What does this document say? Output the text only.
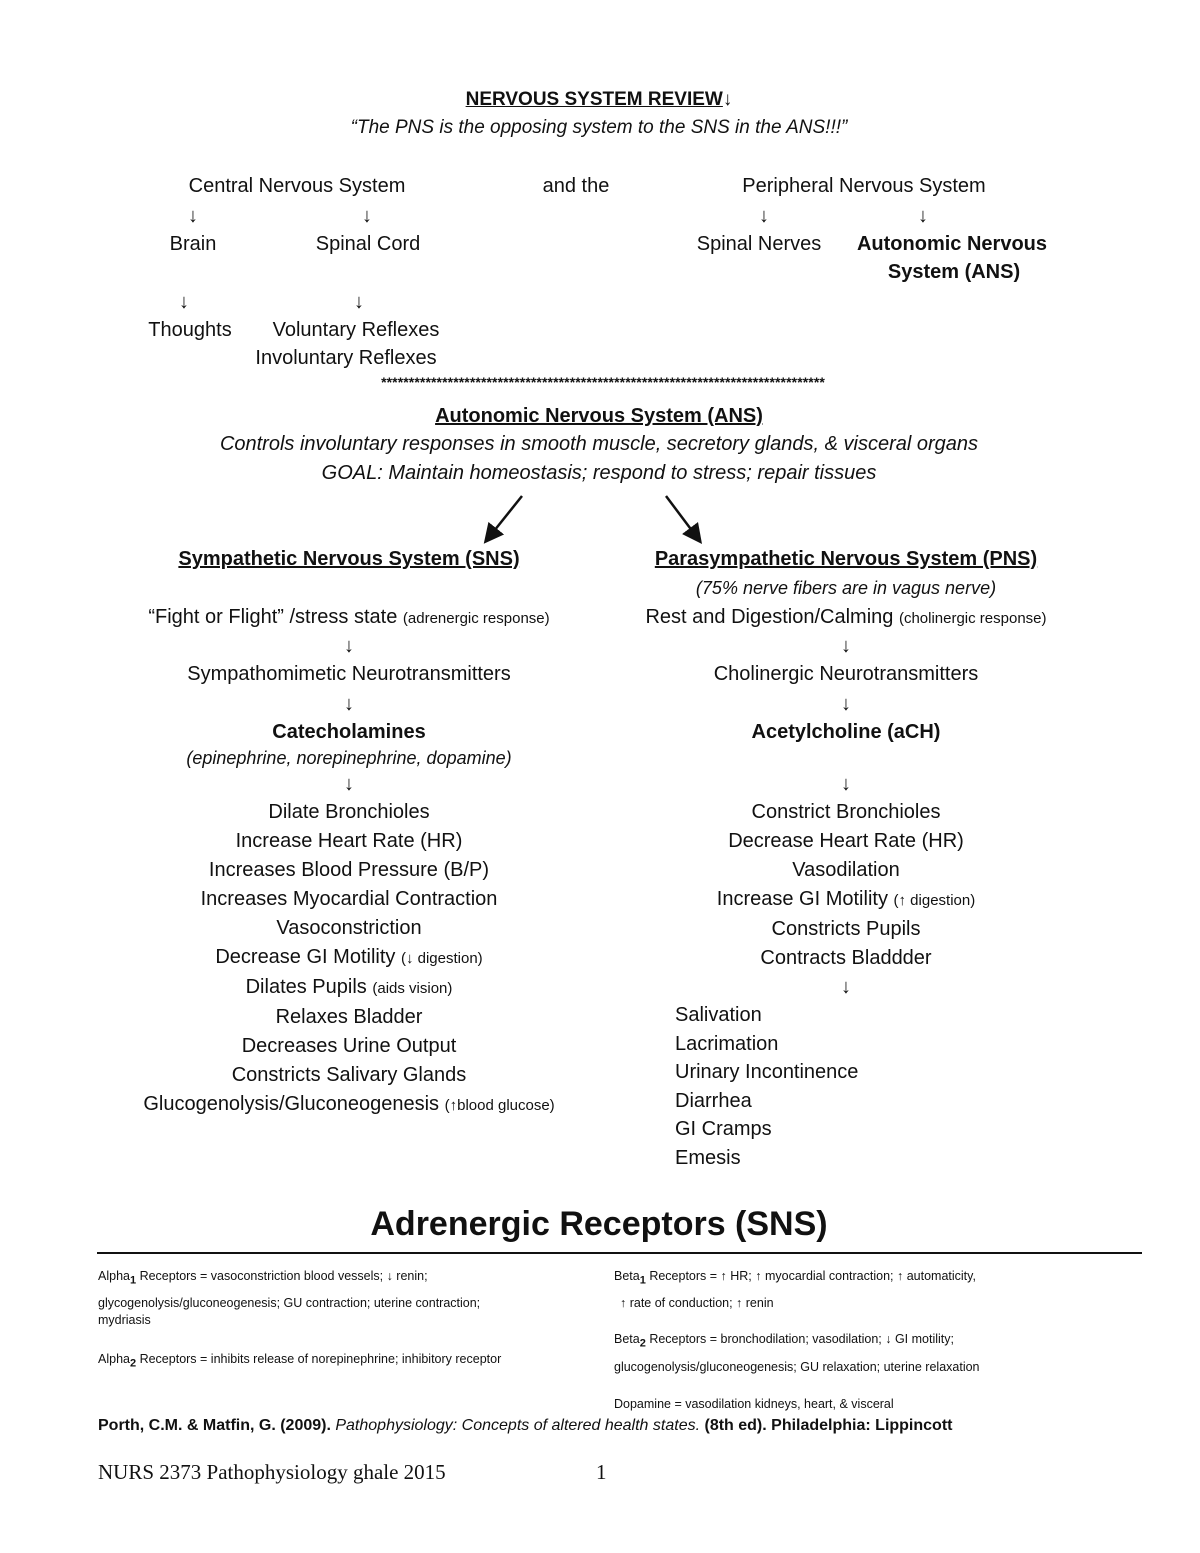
NERVOUS SYSTEM REVIEW↓
“The PNS is the opposing system to the SNS in the ANS!!!”
Central Nervous System	and the	Peripheral Nervous System
↓	↓	↓	↓
Brain	Spinal Cord	Spinal Nerves Autonomic Nervous
System (ANS)
↓	↓
Thoughts Voluntary Reflexes
Involuntary Reflexes
********************************************************************************
Autonomic Nervous System (ANS)
Controls involuntary responses in smooth muscle, secretory glands, & visceral organs
GOAL: Maintain homeostasis; respond to stress; repair tissues
Sympathetic Nervous System (SNS)
“Fight or Flight” /stress state (adrenergic response)
↓
Sympathomimetic Neurotransmitters
↓
Catecholamines
(epinephrine, norepinephrine, dopamine)
↓
Dilate Bronchioles
Increase Heart Rate (HR)
Increases Blood Pressure (B/P)
Increases Myocardial Contraction
Vasoconstriction
Decrease GI Motility (↓ digestion)
Dilates Pupils (aids vision)
Relaxes Bladder
Decreases Urine Output
Constricts Salivary Glands
Glucogenolysis/Gluconeogenesis (↑blood glucose)
Parasympathetic Nervous System (PNS)
(75% nerve fibers are in vagus nerve)
Rest and Digestion/Calming (cholinergic response)
↓
Cholinergic Neurotransmitters
↓
Acetylcholine (aCH)
↓
Constrict Bronchioles
Decrease Heart Rate (HR)
Vasodilation
Increase GI Motility (↑ digestion)
Constricts Pupils
Contracts Bladdder
↓
Salivation
Lacrimation
Urinary Incontinence
Diarrhea
GI Cramps
Emesis
Adrenergic Receptors (SNS)
Alpha$_1$ Receptors = vasoconstriction blood vessels; ↓ renin;
glycogenolysis/gluconeogenesis; GU contraction; uterine contraction;
mydriasis
Alpha$_2$ Receptors = inhibits release of norepinephrine; inhibitory receptor
Beta$_1$ Receptors = ↑ HR; ↑ myocardial contraction; ↑ automaticity,
↑ rate of conduction; ↑ renin
Beta$_2$ Receptors = bronchodilation; vasodilation; ↓ GI motility;
glucogenolysis/gluconeogenesis; GU relaxation; uterine relaxation
Dopamine = vasodilation kidneys, heart, & visceral
Porth, C.M. & Matfin, G. (2009). Pathophysiology: Concepts of altered health states. (8th ed). Philadelphia: Lippincott
NURS 2373 Pathophysiology ghale 2015	1
